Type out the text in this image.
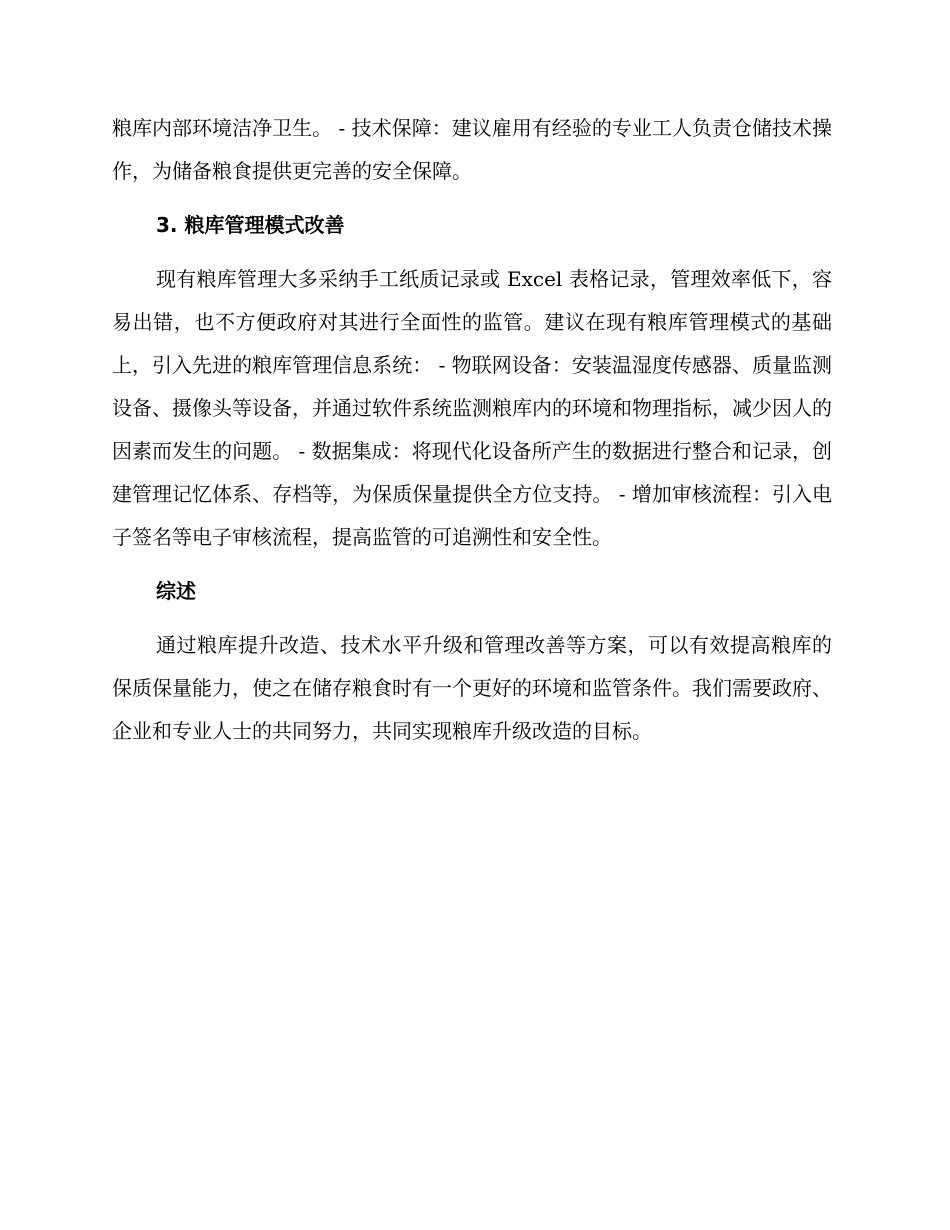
粮库内部环境洁净卫生。 - 技术保障：建议雇用有经验的专业工人负责仓储技术操作，为储备粮食提供更完善的安全保障。

3. 粮库管理模式改善

现有粮库管理大多采纳手工纸质记录或 Excel 表格记录，管理效率低下，容易出错，也不方便政府对其进行全面性的监管。建议在现有粮库管理模式的基础上，引入先进的粮库管理信息系统： - 物联网设备：安装温湿度传感器、质量监测设备、摄像头等设备，并通过软件系统监测粮库内的环境和物理指标，减少因人的因素而发生的问题。 - 数据集成：将现代化设备所产生的数据进行整合和记录，创建管理记忆体系、存档等，为保质保量提供全方位支持。 - 增加审核流程：引入电子签名等电子审核流程，提高监管的可追溯性和安全性。

综述

通过粮库提升改造、技术水平升级和管理改善等方案，可以有效提高粮库的保质保量能力，使之在储存粮食时有一个更好的环境和监管条件。我们需要政府、企业和专业人士的共同努力，共同实现粮库升级改造的目标。
